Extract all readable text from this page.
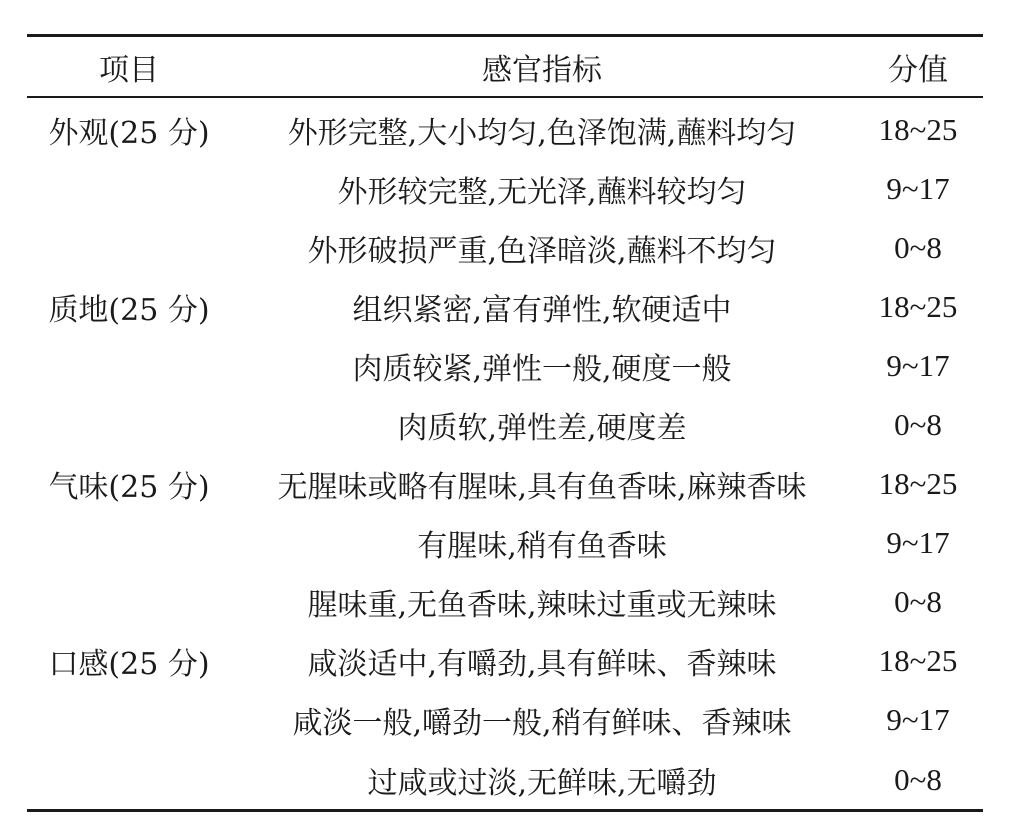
项目	感官指标	分值
外观(25 分)	外形完整,大小均匀,色泽饱满,蘸料均匀	18~25
	外形较完整,无光泽,蘸料较均匀	9~17
	外形破损严重,色泽暗淡,蘸料不均匀	0~8
质地(25 分)	组织紧密,富有弹性,软硬适中	18~25
	肉质较紧,弹性一般,硬度一般	9~17
	肉质软,弹性差,硬度差	0~8
气味(25 分)	无腥味或略有腥味,具有鱼香味,麻辣香味	18~25
	有腥味,稍有鱼香味	9~17
	腥味重,无鱼香味,辣味过重或无辣味	0~8
口感(25 分)	咸淡适中,有嚼劲,具有鲜味、香辣味	18~25
	咸淡一般,嚼劲一般,稍有鲜味、香辣味	9~17
	过咸或过淡,无鲜味,无嚼劲	0~8
